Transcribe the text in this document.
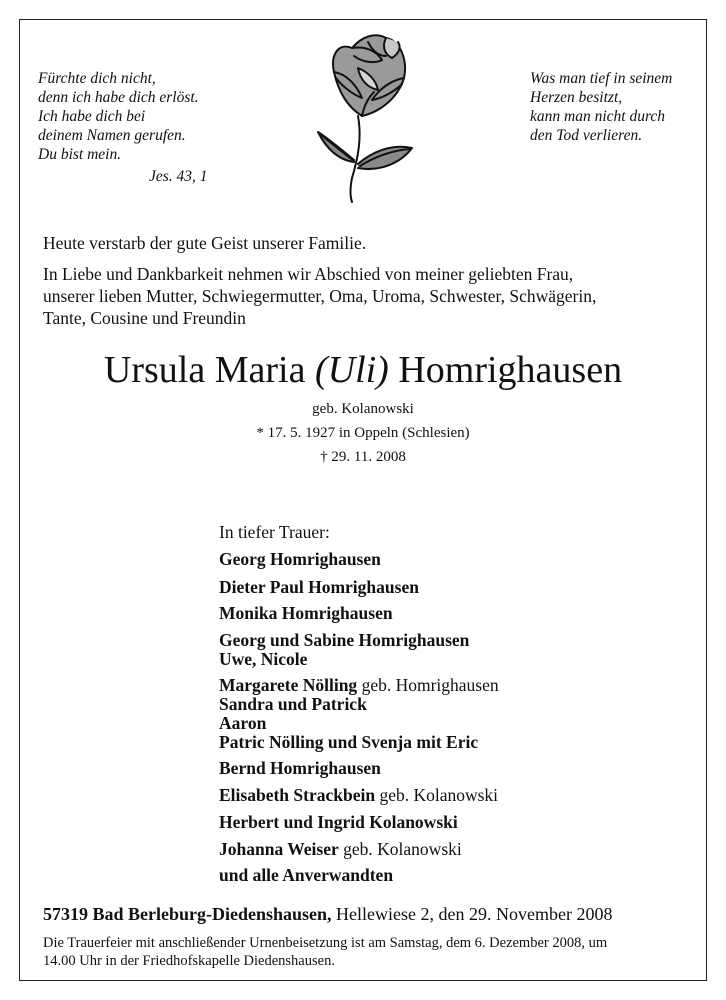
Fürchte dich nicht,
denn ich habe dich erlöst.
Ich habe dich bei
deinem Namen gerufen.
Du bist mein.
Jes. 43, 1
Was man tief in seinem
Herzen besitzt,
kann man nicht durch
den Tod verlieren.
Heute verstarb der gute Geist unserer Familie.
In Liebe und Dankbarkeit nehmen wir Abschied von meiner geliebten Frau,
unserer lieben Mutter, Schwiegermutter, Oma, Uroma, Schwester, Schwägerin,
Tante, Cousine und Freundin
Ursula Maria (Uli) Homrighausen
geb. Kolanowski
* 17. 5. 1927 in Oppeln (Schlesien)
† 29. 11. 2008
In tiefer Trauer:
Georg Homrighausen
Dieter Paul Homrighausen
Monika Homrighausen
Georg und Sabine Homrighausen
Uwe, Nicole
Margarete Nölling geb. Homrighausen
Sandra und Patrick
Aaron
Patric Nölling und Svenja mit Eric
Bernd Homrighausen
Elisabeth Strackbein geb. Kolanowski
Herbert und Ingrid Kolanowski
Johanna Weiser geb. Kolanowski
und alle Anverwandten
57319 Bad Berleburg-Diedenshausen, Hellewiese 2, den 29. November 2008
Die Trauerfeier mit anschließender Urnenbeisetzung ist am Samstag, dem 6. Dezember 2008, um
14.00 Uhr in der Friedhofskapelle Diedenshausen.
